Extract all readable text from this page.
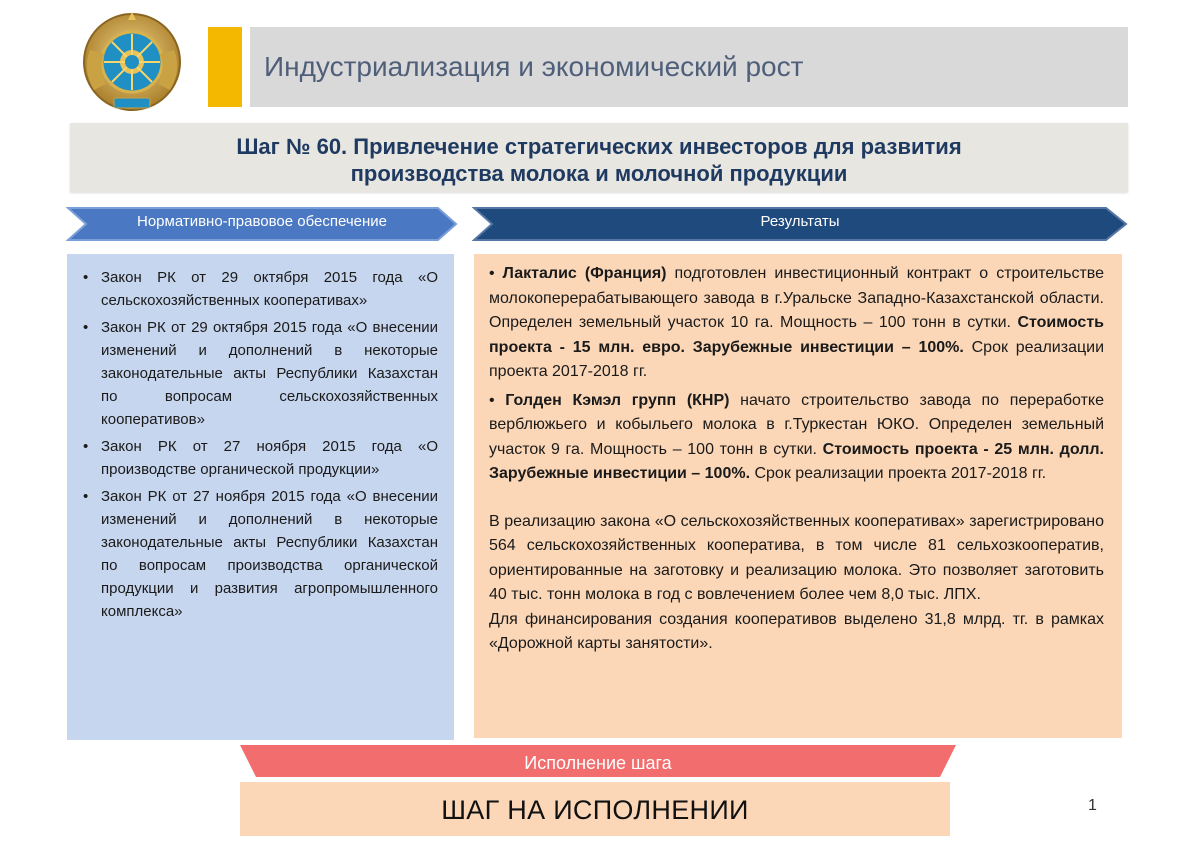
Индустриализация и экономический рост
Шаг № 60. Привлечение стратегических инвесторов для развития
производства молока и молочной продукции
Нормативно-правовое обеспечение	Результаты
• Закон РК от 29 октября 2015 года «О сельскохозяйственных кооперативах»
• Закон РК от 29 октября 2015 года «О внесении изменений и дополнений в некоторые законодательные акты Республики Казахстан по вопросам сельскохозяйственных кооперативов»
• Закон РК от 27 ноября 2015 года «О производстве органической продукции»
• Закон РК от 27 ноября 2015 года «О внесении изменений и дополнений в некоторые законодательные акты Республики Казахстан по вопросам производства органической продукции и развития агропромышленного комплекса»

• Лакталис (Франция) подготовлен инвестиционный контракт о строительстве молокоперерабатывающего завода в г.Уральске Западно-Казахстанской области. Определен земельный участок 10 га. Мощность – 100 тонн в сутки. Стоимость проекта - 15 млн. евро. Зарубежные инвестиции – 100%. Срок реализации проекта 2017-2018 гг.

• Голден Кэмэл групп (КНР) начато строительство завода по переработке верблюжьего и кобыльего молока в г.Туркестан ЮКО. Определен земельный участок 9 га. Мощность – 100 тонн в сутки. Стоимость проекта - 25 млн. долл. Зарубежные инвестиции – 100%. Срок реализации проекта 2017-2018 гг.

В реализацию закона «О сельскохозяйственных кооперативах» зарегистрировано 564 сельскохозяйственных кооператива, в том числе 81 сельхозкооператив, ориентированные на заготовку и реализацию молока. Это позволяет заготовить 40 тыс. тонн молока в год с вовлечением более чем 8,0 тыс. ЛПХ.

Для финансирования создания кооперативов выделено 31,8 млрд. тг. в рамках «Дорожной карты занятости».

Исполнение шага
ШАГ НА ИСПОЛНЕНИИ	1
